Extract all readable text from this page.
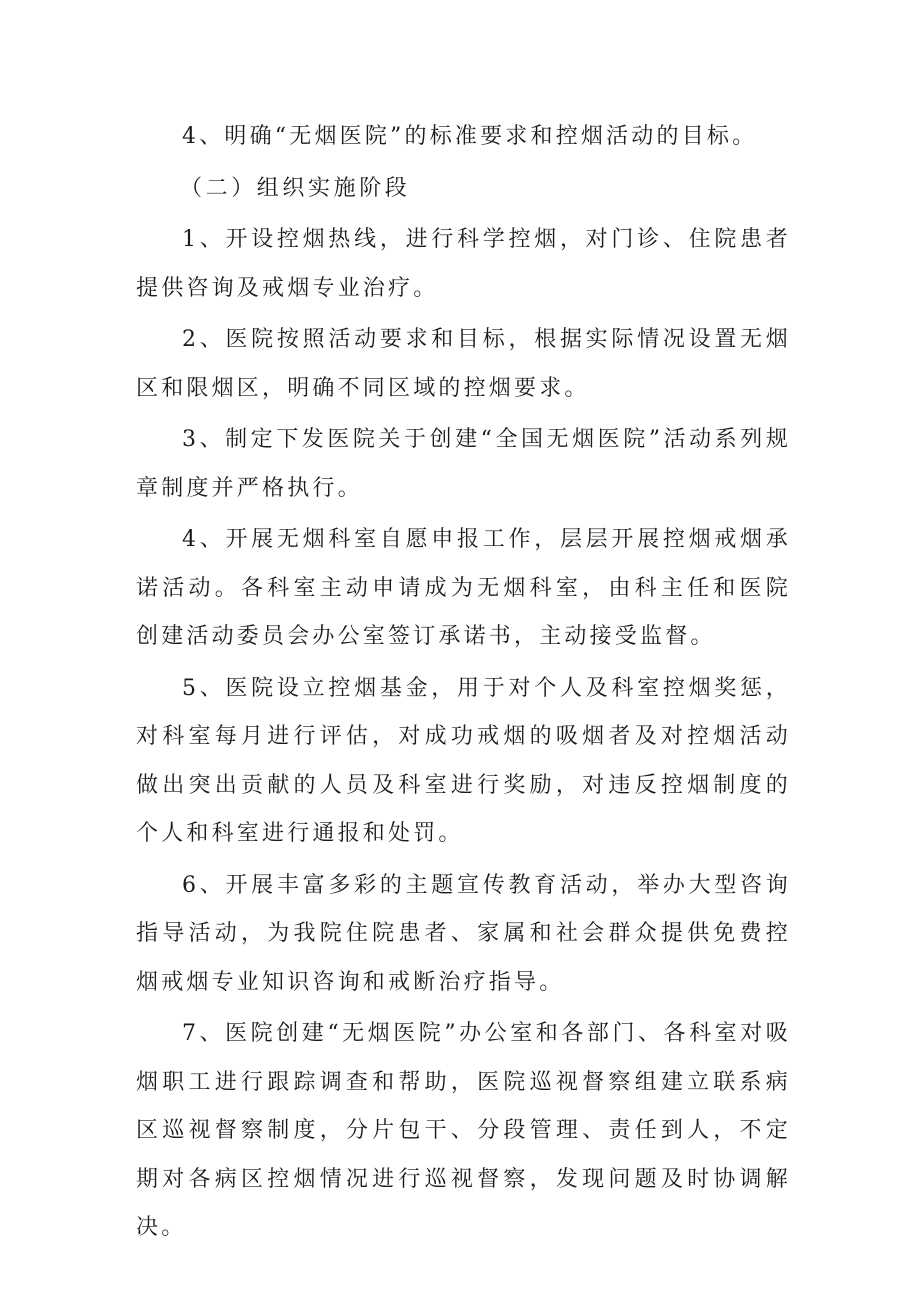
4、明确“无烟医院”的标准要求和控烟活动的目标。

（二）组织实施阶段

1、开设控烟热线，进行科学控烟，对门诊、住院患者提供咨询及戒烟专业治疗。

2、医院按照活动要求和目标，根据实际情况设置无烟区和限烟区，明确不同区域的控烟要求。

3、制定下发医院关于创建“全国无烟医院”活动系列规章制度并严格执行。

4、开展无烟科室自愿申报工作，层层开展控烟戒烟承诺活动。各科室主动申请成为无烟科室，由科主任和医院创建活动委员会办公室签订承诺书，主动接受监督。

5、医院设立控烟基金，用于对个人及科室控烟奖惩，对科室每月进行评估，对成功戒烟的吸烟者及对控烟活动做出突出贡献的人员及科室进行奖励，对违反控烟制度的个人和科室进行通报和处罚。

6、开展丰富多彩的主题宣传教育活动，举办大型咨询指导活动，为我院住院患者、家属和社会群众提供免费控烟戒烟专业知识咨询和戒断治疗指导。

7、医院创建“无烟医院”办公室和各部门、各科室对吸烟职工进行跟踪调查和帮助，医院巡视督察组建立联系病区巡视督察制度，分片包干、分段管理、责任到人，不定期对各病区控烟情况进行巡视督察，发现问题及时协调解决。
